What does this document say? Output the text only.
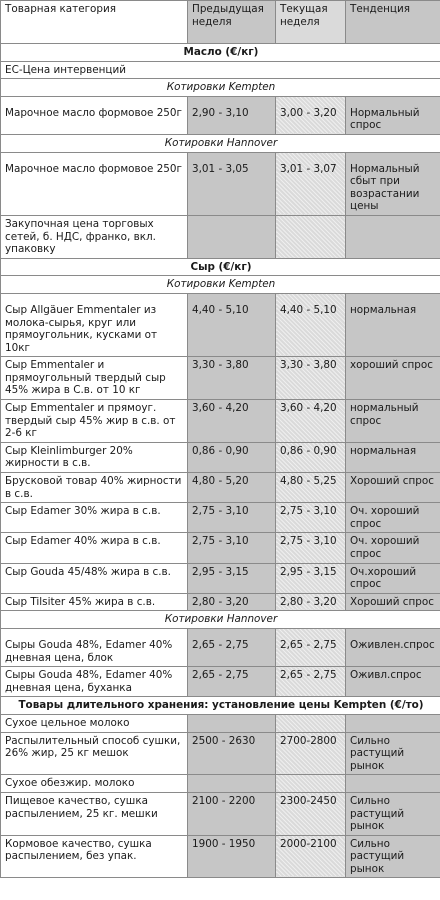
Товарная категория	Предыдущая неделя	Текущая неделя	Тенденция
Масло (€/кг)			
ЕС-Цена интервенций			
Котировки Kempten			

Марочное масло формовое 250г	2,90 - 3,10	3,00 - 3,20	Нормальный спрос
Котировки Hannover			

Марочное масло формовое 250г	3,01 - 3,05	3,01 - 3,07	Нормальный сбыт при возрастании цены
Закупочная цена торговых сетей, б. НДС, франко, вкл. упаковку			
Сыр (€/кг)			
Котировки Kempten			

Сыр Allgäuer Emmentaler из молока-сырья, круг или прямоугольник, кусками от 10кг	4,40 - 5,10	4,40 - 5,10	нормальная
Сыр Emmentaler и прямоугольный твердый сыр 45% жира в С.в. от 10 кг	3,30 - 3,80	3,30 - 3,80	хороший спрос
Сыр Emmentaler и прямоуг. твердый сыр 45% жир в с.в. от 2-6 кг	3,60 - 4,20	3,60 - 4,20	нормальный спрос
Сыр Kleinlimburger 20% жирности в с.в.	0,86 - 0,90	0,86 - 0,90	нормальная
Брусковой товар 40% жирности в с.в.	4,80 - 5,20	4,80 - 5,25	Хороший спрос
Сыр Edamer 30% жира в с.в.	2,75 - 3,10	2,75 - 3,10	Оч. хороший спрос
Сыр Edamer 40% жира в с.в.	2,75 - 3,10	2,75 - 3,10	Оч. хороший спрос
Сыр Gouda 45/48% жира в с.в.	2,95 - 3,15	2,95 - 3,15	Оч.хороший спрос
Сыр Tilsiter 45% жира в с.в.	2,80 - 3,20	2,80 - 3,20	Хороший спрос
Котировки Hannover			

Сыры Gouda 48%, Edamer 40% дневная цена, блок	2,65 - 2,75	2,65 - 2,75	Оживлен.спрос
Сыры Gouda 48%, Edamer 40% дневная цена, буханка	2,65 - 2,75	2,65 - 2,75	Оживл.спрос
Товары длительного хранения: установление цены Kempten (€/то)			
Сухое цельное молоко			
Распылительный способ сушки, 26% жир, 25 кг мешок	2500 - 2630	2700-2800	Сильно растущий рынок
Сухое обезжир. молоко			
Пищевое качество, сушка распылением, 25 кг. мешки	2100 - 2200	2300-2450	Сильно растущий рынок
Кормовое качество, сушка распылением, без упак.	1900 - 1950	2000-2100	Сильно растущий рынок
